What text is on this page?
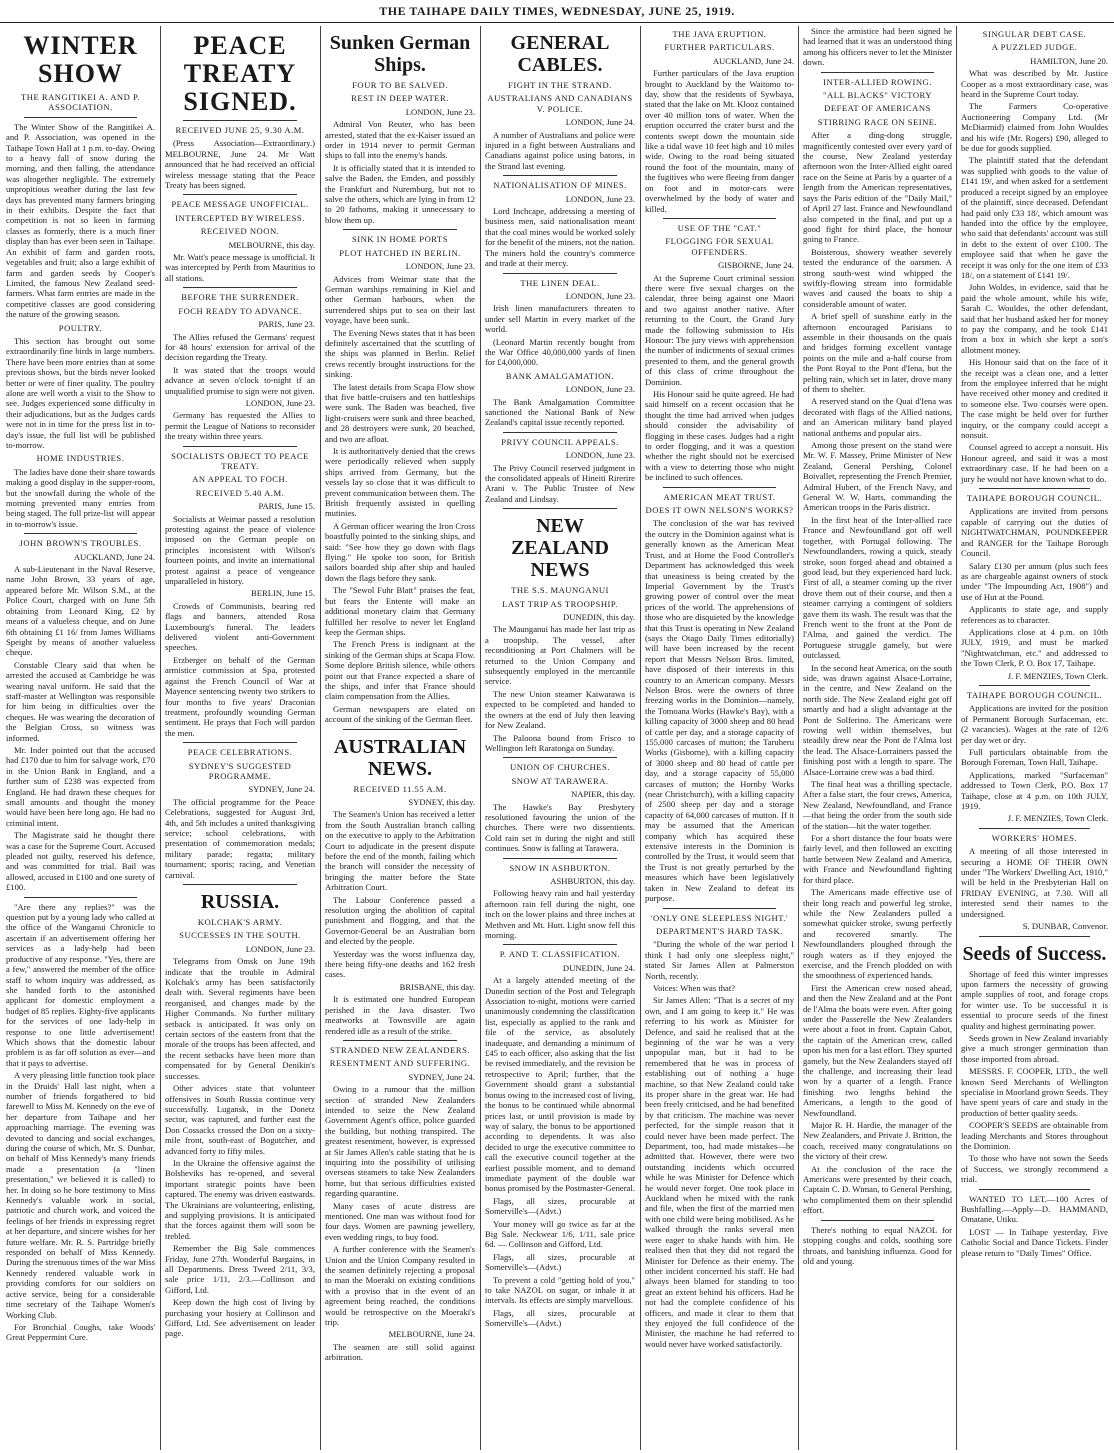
THE TAIHAPE DAILY TIMES, WEDNESDAY, JUNE 25, 1919.
WINTER SHOW
THE RANGITIKEI A. AND P. ASSOCIATION.
The Winter Show of the Rangitikei A. and P. Association, was opened in the Taihape Town Hall at 1 p.m. to-day. Owing to a heavy fall of snow during the morning, and then falling, the attendance was altogether negligible. The extremely unpropitious weather during the last few days has prevented many farmers bringing in their exhibits. Despite the fact that competition is not so keen in farming classes as formerly, there is a much finer display than has ever been seen in Taihape. An exhibit of farm and garden roots, vegetables and fruit; also a large exhibit of farm and garden seeds by Cooper's Limited, the famous New Zealand seed-farmers. What farm entries are made in the competitive classes are good considering the nature of the growing season.
POULTRY.
This section has brought out some extraordinarily fine birds in large numbers. There have been more entries than at some previous shows, but the birds never looked better or were of finer quality. The poultry alone are well worth a visit to the Show to see. Judges experienced some difficulty in their adjudications, but as the Judges cards were not in in time for the press list in to-day's issue, the full list will be published to-morrow.
HOME INDUSTRIES.
The ladies have done their share towards making a good display in the supper-room, but the snowfall during the whole of the morning prevented many entries from being staged. The full prize-list will appear in to-morrow's issue.
JOHN BROWN'S TROUBLES.
AUCKLAND, June 24.
A sub-Lieutenant in the Naval Reserve, name John Brown, 33 years of age, appeared before Mr. Wilson S.M., at the Police Court, charged with on June 5th obtaining from Leonard King, £2 by means of a valueless cheque, and on June 6th obtaining £1 16/ from James Williams Speight by means of another valueless cheque.
Constable Cleary said that when he arrested the accused at Cambridge he was wearing naval uniform. He said that the staff-master at Wellington was responsible for him being in difficulties over the cheques. He was wearing the decoration of the Belgian Cross, so witness was informed.
Mr. Inder pointed out that the accused had £170 due to him for salvage work, £70 in the Union Bank in England, and a further sum of £238 was expected from England. He had drawn these cheques for small amounts and thought the money would have been here long ago. He had no criminal intent.
The Magistrate said he thought there was a case for the Supreme Court. Accused pleaded not guilty, reserved his defence, and was committed for trial. Bail was allowed, accused in £100 and one surety of £100.
"Are there any replies?" was the question put by a young lady who called at the office of the Wanganui Chronicle to ascertain if an advertisement offering her services as a lady-help had been productive of any response. "Yes, there are a few," answered the member of the office staff to whom inquiry was addressed, as she handed forth to the astonished applicant for domestic employment a budget of 85 replies. Eighty-five applicants for the services of one lady-help in response to one little advertisement! Which shows that the domestic labour problem is as far off solution as ever—and that it pays to advertise.
A very pleasing little function took place in the Druids' Hall last night, when a number of friends forgathered to bid farewell to Miss M. Kennedy on the eve of her departure from Taihape and her approaching marriage. The evening was devoted to dancing and social exchanges, during the course of which, Mr. S. Dunbar, on behalf of Miss Kennedy's many friends made a presentation (a "linen presentation," we believed it is called) to her. In doing so he bore testimony to Miss Kennedy's valuable work in social, patriotic and church work, and voiced the feelings of her friends in expressing regret at her departure, and sincere wishes for her future welfare. Mr. R. S. Partridge briefly responded on behalf of Miss Kennedy. During the strenuous times of the war Miss Kennedy rendered valuable work in providing comforts for our soldiers on active service, being for a considerable time secretary of the Taihape Women's Working Club.
For Bronchial Coughs, take Woods' Great Peppermint Cure.
PEACE TREATY SIGNED.
RECEIVED JUNE 25, 9.30 A.M.
(Press Association—Extraordinary.) MELBOURNE, June 24. Mr Watt announced that he had received an official wireless message stating that the Peace Treaty has been signed.
PEACE MESSAGE UNOFFICIAL.
INTERCEPTED BY WIRELESS.
RECEIVED NOON.
MELBOURNE, this day.
Mr. Watt's peace message is unofficial. It was intercepted by Perth from Mauritius to all stations.
BEFORE THE SURRENDER.
FOCH READY TO ADVANCE.
PARIS, June 23.
The Allies refused the Germans' request for 48 hours' extension for arrival of the decision regarding the Treaty.
It was stated that the troops would advance at seven o'clock to-night if an unqualified promise to sign were not given.
LONDON, June 23.
Germany has requested the Allies to permit the League of Nations to reconsider the treaty within three years.
SOCIALISTS OBJECT TO PEACE TREATY.
AN APPEAL TO FOCH.
RECEIVED 5.40 A.M.
PARIS, June 15.
Socialists at Weimar passed a resolution protesting against the peace of violence imposed on the German people on principles inconsistent with Wilson's fourteen points, and invite an international protest against a peace of vengeance unparalleled in history.
BERLIN, June 15.
Crowds of Communists, bearing red flags and banners, attended Rosa Luxembourg's funeral. The leaders delivered violent anti-Government speeches.
Erzberger on behalf of the German armistice commission at Spa, protested against the French Council of War at Mayence sentencing twenty two strikers to four months to five years' Draconian treatment, profoundly wounding German sentiment. He prays that Foch will pardon the men.
PEACE CELEBRATIONS.
SYDNEY'S SUGGESTED PROGRAMME.
SYDNEY, June 24.
The official programme for the Peace Celebrations, suggested for August 3rd, 4th, and 5th includes a united thanksgiving service; school celebrations, with presentation of commemoration medals; military parade; regatta; military tournament; sports; racing, and Venetian carnival.
RUSSIA.
KOLCHAK'S ARMY.
SUCCESSES IN THE SOUTH.
LONDON, June 23.
Telegrams from Omsk on June 19th indicate that the trouble in Admiral Kolchak's army has been satisfactorily dealt with. Several regiments have been reorganised, and changes made by the Higher Commands. No further military setback is anticipated. It was only on certain sectors of the eastern front that the morale of the troops has been affected, and the recent setbacks have been more than compensated for by General Denikin's successes.
Other advices state that volunteer offensives in South Russia continue very successfully. Lugansk, in the Donetz sector, was captured, and further east the Don Cossacks crossed the Don on a sixty-mile front, south-east of Bogutcher, and advanced forty to fifty miles.
In the Ukraine the offensive against the Bolsheviks has re-opened, and several important strategic points have been captured. The enemy was driven eastwards. The Ukrainians are volunteering, enlisting, and supplying provisions. It is anticipated that the forces against them will soon be trebled.
Remember the Big Sale commences Friday, June 27th. Wonderful Bargains, in all Departments. Dress Tweed 2/11, 3/3, sale price 1/11, 2/3.—Collinson and Gifford, Ltd.
Keep down the high cost of living by purchasing your hosiery at Collinson and Gifford, Ltd. See advertisement on leader page.
Sunken German Ships.
FOUR TO BE SALVED.
REST IN DEEP WATER.
LONDON, June 23.
Admiral Von Reuter, who has been arrested, stated that the ex-Kaiser issued an order in 1914 never to permit German ships to fall into the enemy's hands.
It is officially stated that it is intended to salve the Baden, the Emden, and possibly the Frankfurt and Nuremburg, but not to salve the others, which are lying in from 12 to 20 fathoms, making it unnecessary to blow them up.
SINK IN HOME PORTS
PLOT HATCHED IN BERLIN.
LONDON, June 23.
Advices from Weimar state that the German warships remaining in Kiel and other German harbours, when the surrendered ships put to sea on their last voyage, have been sunk.
The Evening News states that it has been definitely ascertained that the scuttling of the ships was planned in Berlin. Relief crews recently brought instructions for the sinking.
The latest details from Scapa Flow show that five battle-cruisers and ten battleships were sunk. The Baden was beached, five light-cruisers were sunk and three beached, and 28 destroyers were sunk, 20 beached, and two are afloat.
It is authoritatively denied that the crews were periodically relieved when supply ships arrived from Germany, but the vessels lay so close that it was difficult to prevent communication between them. The British frequently assisted in quelling mutinies.
A German officer wearing the Iron Cross boastfully pointed to the sinking ships, and said: "See how they go down with flags flying." He spoke too soon, for British sailors boarded ship after ship and hauled down the flags before they sank.
The "Sewol Fuhr Blatt" praises the feat, but fears the Entente will make an additional monetary claim that Germany fulfilled her resolve to never let England keep the German ships.
The French Press is indignant at the sinking of the German ships at Scapa Flow. Some deplore British silence, while others point out that France expected a share of the ships, and infer that France should claim compensation from the Allies.
German newspapers are elated on account of the sinking of the German fleet.
AUSTRALIAN NEWS.
RECEIVED 11.55 A.M.
SYDNEY, this day.
The Seamen's Union has received a letter from the South Australian branch calling on the executive to apply to the Arbitration Court to adjudicate in the present dispute before the end of the month, failing which the branch will consider the necessity of bringing the matter before the State Arbitration Court.
The Labour Conference passed a resolution urging the abolition of capital punishment and flogging, and that the Governor-General be an Australian born and elected by the people.
Yesterday was the worst influenza day, there being fifty-one deaths and 162 fresh cases.
BRISBANE, this day.
It is estimated one hundred European perished in the Java disaster. Two meatworks at Townsville are again rendered idle as a result of the strike.
STRANDED NEW ZEALANDERS.
RESENTMENT AND SUFFERING.
SYDNEY, June 24.
Owing to a rumour that the million section of stranded New Zealanders intended to seize the New Zealand Government Agent's office, police guarded the building, but nothing transpired. The greatest resentment, however, is expressed at Sir James Allen's cable stating that he is inquiring into the possibility of utilising overseas steamers to take New Zealanders home, but that serious difficulties existed regarding quarantine.
Many cases of acute distress are mentioned. One man was without food for four days. Women are pawning jewellery, even wedding rings, to buy food.
A further conference with the Seamen's Union and the Union Company resulted in the seamen definitely rejecting a proposal to man the Moeraki on existing conditions with a proviso that in the event of an agreement being reached, the conditions would be retrospective on the Moeraki's trip.
MELBOURNE, June 24.
The seamen are still solid against arbitration.
GENERAL CABLES.
FIGHT IN THE STRAND.
AUSTRALIANS AND CANADIANS V. POLICE.
LONDON, June 24.
A number of Australians and police were injured in a fight between Australians and Canadians against police using batons, in the Strand last evening.
NATIONALISATION OF MINES.
LONDON, June 23.
Lord Inchcape, addressing a meeting of business men, said nationalisation meant that the coal mines would be worked solely for the benefit of the miners, not the nation. The miners hold the country's commerce and trade at their mercy.
THE LINEN DEAL.
LONDON, June 23.
Irish linen manufacturers threaten to under sell Martin in every market of the world.
(Leonard Martin recently bought from the War Office 40,000,000 yards of linen for £4,000,000.
BANK AMALGAMATION.
LONDON, June 23.
The Bank Amalgamation Committee sanctioned the National Bank of New Zealand's capital issue recently reported.
PRIVY COUNCIL APPEALS.
LONDON, June 23.
The Privy Council reserved judgment in the consolidated appeals of Hineiti Rirerire Arani v. The Public Trustee of New Zealand and Lindsay.
NEW ZEALAND NEWS
THE S.S. MAUNGANUI
LAST TRIP AS TROOPSHIP.
DUNEDIN, this day.
The Maunganui has made her last trip as a troopship. The vessel, after reconditioning at Port Chalmers will be returned to the Union Company and subsequently employed in the mercantile service.
The new Union steamer Kaiwarawa is expected to be completed and handed to the owners at the end of July then leaving for New Zealand.
The Paloona bound from Frisco to Wellington left Raratonga on Sunday.
UNION OF CHURCHES.
SNOW AT TARAWERA.
NAPIER, this day.
The Hawke's Bay Presbytery resolutioned favouring the union of the churches. There were two dissentients. Cold rain set in during the night and still continues. Snow is falling at Tarawera.
SNOW IN ASHBURTON.
ASHBURTON, this day.
Following heavy rain and hail yesterday afternoon rain fell during the night, one inch on the lower plains and three inches at Methven and Mt. Hutt. Light snow fell this morning.
P. AND T. CLASSIFICATION.
DUNEDIN, June 24.
At a largely attended meeting of the Dunedin section of the Post and Telegraph Association to-night, motions were carried unanimously condemning the classification list, especially as applied to the rank and file of the service, as absolutely inadequate, and demanding a minimum of £45 to each officer, also asking that the list be revised immediately, and the revision be retrospective to April; further, that the Government should grant a substantial bonus owing to the increased cost of living, the bonus to be continued while abnormal prices last, or until provision is made by way of salary, the bonus to be apportioned according to dependents. It was also decided to urge the executive committee to call the executive council together at the earliest possible moment, and to demand immediate payment of the double war bonus promised by the Postmaster-General.
Flags, all sizes, procurable at Somerville's—(Advt.)
Your money will go twice as far at the Big Sale. Neckwear 1/6, 1/11, sale price 6d. — Collinson and Gifford, Ltd.
Flags, all sizes, procurable at Somerville's—(Advt.)
To prevent a cold "getting hold of you," to take NAZOL on sugar, or inhale it at intervals. Its effects are simply marvellous.
Flags, all sizes, procurable at Somerville's—(Advt.)
THE JAVA ERUPTION.
FURTHER PARTICULARS.
AUCKLAND, June 24.
Further particulars of the Java eruption brought to Auckland by the Waitomo to-day, show that the residents of Sywbaya, stated that the lake on Mt. Klooz contained over 40 million tons of water. When the eruption occurred the crater burst and the contents swept down the mountain side like a tidal wave 10 feet high and 10 miles wide. Owing to the road being situated round the foot of the mountain, many of the fugitives who were fleeing from danger on foot and in motor-cars were overwhelmed by the body of water and killed.
USE OF THE "CAT."
FLOGGING FOR SEXUAL OFFENDERS.
GISBORNE, June 24.
At the Supreme Court criminal session there were five sexual charges on the calendar, three being against one Maori and two against another native. After returning to the Court, the Grand Jury made the following submission to His Honour: The jury views with apprehension the number of indictments of sexual crimes presented to them, and the general growth of this class of crime throughout the Dominion.
His Honour said he quite agreed. He had said himself on a recent occasion that he thought the time had arrived when judges should consider the advisability of flogging in these cases. Judges had a right to order flogging, and it was a question whether the right should not be exercised with a view to deterring those who might be inclined to such offences.
AMERICAN MEAT TRUST.
DOES IT OWN NELSON'S WORKS?
The conclusion of the war has revived the outcry in the Dominion against what is generally known as the American Meat Trust, and at Home the Food Controller's Department has acknowledged this week that uneasiness is being created by the Imperial Government by the Trust's growing power of control over the meat prices of the world. The apprehensions of those who are disquieted by the knowledge that this Trust is operating in New Zealand (says the Otago Daily Times editorially) will have been increased by the recent report that Messrs Nelson Bros. limited, have disposed of their interests in this country to an American company. Messrs Nelson Bros. were the owners of three freezing works in the Dominion—namely, the Tomoana Works (Hawke's Bay), with a killing capacity of 3000 sheep and 80 head of cattle per day, and a storage capacity of 155,000 carcases of mutton; the Taruheru Works (Gisborne), with a killing capacity of 3000 sheep and 80 head of cattle per day, and a storage capacity of 55,000 carcases of mutton; the Hornby Works (near Christchurch), with a killing capacity of 2500 sheep per day and a storage capacity of 64,000 carcases of mutton. If it may be assumed that the American company which has acquired these extensive interests in the Dominion is controlled by the Trust, it would seem that the Trust is not greatly perturbed by the measures which have been legislatively taken in New Zealand to defeat its purpose.
'ONLY ONE SLEEPLESS NIGHT.'
DEPARTMENT'S HARD TASK.
"During the whole of the war period I think I had only one sleepless night," stated Sir James Allen at Palmerston North, recently.
Voices: When was that?
Sir James Allen: "That is a secret of my own, and I am going to keep it." He was referring to his work as Minister for Defence, and said he realised that at the beginning of the war he was a very unpopular man, but it had to be remembered that he was in process of establishing out of nothing a huge machine, so that New Zealand could take its proper share in the great war. He had been freely criticised, and he had benefited by that criticism. The machine was never perfected, for the simple reason that it could never have been made perfect. The Department, too, had made mistakes—he admitted that. However, there were two outstanding incidents which occurred while he was Minister for Defence which he would never forget. One took place in Auckland when he mixed with the rank and file, when the first of the married men with one child were being mobilised. As he walked through the ranks several men were eager to shake hands with him. He realised then that they did not regard the Minister for Defence as their enemy. The other incident concerned his staff. He had always been blamed for standing to too great an extent behind his officers. Had he not had the complete confidence of his officers, and made it clear to them that they enjoyed the full confidence of the Minister, the machine he had referred to would never have worked satisfactorily.
Since the armistice had been signed he had learned that it was an understood thing among his officers never to let the Minister down.
INTER-ALLIED ROWING.
"ALL BLACKS" VICTORY
DEFEAT OF AMERICANS
STIRRING RACE ON SEINE.
After a ding-dong struggle, magnificently contested over every yard of the course, New Zealand yesterday afternoon won the Inter-Allied eight oared race on the Seine at Paris by a quarter of a length from the American representatives, says the Paris edition of the "Daily Mail," of April 27 last. France and Newfoundland also competed in the final, and put up a good fight for third place, the honour going to France.
Boisterous, showery weather severely tested the endurance of the oarsmen. A strong south-west wind whipped the swiftly-flowing stream into formidable waves and caused the boats to ship a considerable amount of water.
A brief spell of sunshine early in the afternoon encouraged Parisians to assemble in their thousands on the quais and bridges forming excellent vantage points on the mile and a-half course from the Pont Royal to the Pont d'Iena, but the pelting rain, which set in later, drove many of them to shelter.
A reserved stand on the Quai d'Iena was decorated with flags of the Allied nations, and an American military band played national anthems and popular airs.
Among those present on the stand were Mr. W. F. Massey, Prime Minister of New Zealand, General Pershing, Colonel Boivallet, representing the French Premier, Admiral Hubert, of the French Navy, and General W. W. Harts, commanding the American troops in the Paris district.
In the first heat of the Inter-allied race France and Newfoundland got off well together, with Portugal following. The Newfoundlanders, rowing a quick, steady stroke, soon forged ahead and obtained a good lead, but they experienced hard luck. First of all, a steamer coming up the river drove them out of their course, and then a steamer carrying a contingent of soldiers gave them its wash. The result was that the French went to the front at the Pont de l'Alma, and gained the verdict. The Portuguese struggle gamely, but were outclassed.
In the second heat America, on the south side, was drawn against Alsace-Lorraine, in the centre, and New Zealand on the north side. The New Zealand eight got off smartly and had a slight advantage at the Pont de Solferino. The Americans were rowing well within themselves, but steadily drew near the Pont de l'Alma lost the lead. The Alsace-Lorrainers passed the finishing post with a length to spare. The Alsace-Lorraine crew was a bad third.
The final heat was a thrilling spectacle. After a false start, the four crews, America, New Zealand, Newfoundland, and France—that being the order from the south side of the station—hit the water together.
For a short distance the four boats were fairly level, and then followed an exciting battle between New Zealand and America, with France and Newfoundland fighting for third place.
The Americans made effective use of their long reach and powerful leg stroke, while the New Zealanders pulled a somewhat quicker stroke, swung perfectly and recovered smartly. The Newfoundlanders ploughed through the rough waters as if they enjoyed the exercise, and the French plodded on with the smoothness of experienced hands.
First the American crew nosed ahead, and then the New Zealand and at the Pont de l'Alma the boats were even. After going under the Passerelle the New Zealanders were about a foot in front. Captain Cabot, the captain of the American crew, called upon his men for a last effort. They spurted gamely, but the New Zealanders stayed off the challenge, and increasing their lead won by a quarter of a length. France finishing two lengths behind the Americans, a length to the good of Newfoundland.
Major R. H. Hardie, the manager of the New Zealanders, and Private J. Britton, the coach, received many congratulations on the victory of their crew.
At the conclusion of the race the Americans were presented by their coach, Captain C. D. Wiman, to General Pershing, who complimented them on their splendid effort.
There's nothing to equal NAZOL for stopping coughs and colds, soothing sore throats, and banishing influenza. Good for old and young.
SINGULAR DEBT CASE.
A PUZZLED JUDGE.
HAMILTON, June 20.
What was described by Mr. Justice Cooper as a most extraordinary case, was heard in the Supreme Court today.
The Farmers Co-operative Auctioneering Company Ltd. (Mr McDiarmid) claimed from John Wouldes and his wife (Mr. Rogers) £90, alleged to be due for goods supplied.
The plaintiff stated that the defendant was supplied with goods to the value of £141 19/, and when asked for a settlement produced a receipt signed by an employee of the plaintiff, since deceased. Defendant had paid only £33 18/, which amount was handed into the office by the employee, who said that defendants' account was still in debt to the extent of over £100. The employee said that when he gave the receipt it was only for the one item of £33 18/, on a statement of £141 19/.
John Woldes, in evidence, said that he paid the whole amount, while his wife, Sarah C. Wouldes, the other defendant, said that her husband asked her for money to pay the company, and he took £141 from a box in which she kept a son's allotment money.
His Honour said that on the face of it the receipt was a clean one, and a letter from the employee inferred that he might have received other money and credited it to someone else. Two courses were open. The case might be held over for further inquiry, or the company could accept a nonsuit.
Counsel agreed to accept a nonsuit. His Honour agreed, and said it was a most extraordinary case. If he had been on a jury he would not have known what to do.
TAIHAPE BOROUGH COUNCIL.
Applications are invited from persons capable of carrying out the duties of NIGHTWATCHMAN, POUNDKEEPER and RANGER for the Taihape Borough Council.
Salary £130 per annum (plus such fees as are chargeable against owners of stock under "The Impounding Act, 1908") and use of Hut at the Pound.
Applicants to state age, and supply references as to character.
Applications close at 4 p.m. on 10th JULY, 1919, and must be marked "Nightwatchman, etc." and addressed to the Town Clerk, P. O. Box 17, Taihape.
J. F. MENZIES, Town Clerk.
TAIHAPE BOROUGH COUNCIL.
Applications are invited for the position of Permanent Borough Surfaceman, etc. (2 vacancies). Wages at the rate of 12/6 per day wet or dry.
Full particulars obtainable from the Borough Foreman, Town Hall, Taihape.
Applications, marked "Surfaceman" addressed to Town Clerk, P.O. Box 17 Taihape, close at 4 p.m. on 10th JULY, 1919.
J. F. MENZIES, Town Clerk.
WORKERS' HOMES.
A meeting of all those interested in securing a HOME OF THEIR OWN under "The Workers' Dwelling Act, 1910," will be held in the Presbyterian Hall on FRIDAY EVENING, at 7.30. Will all interested send their names to the undersigned.
S. DUNBAR, Convenor.
Seeds of Success.
Shortage of feed this winter impresses upon farmers the necessity of growing ample supplies of root, and forage crops for winter use. To be successful it is essential to procure seeds of the finest quality and highest germinating power.
Seeds grown in New Zealand invariably give a much stronger germination than those imported from abroad.
MESSRS. F. COOPER, LTD., the well known Seed Merchants of Wellington specialise in Moorland grown Seeds. They have spent years of care and study in the production of better quality seeds.
COOPER'S SEEDS are obtainable from leading Merchants and Stores throughout the Dominion.
To those who have not sown the Seeds of Success, we strongly recommend a trial.
WANTED TO LET.—100 Acres of Bushfalling.—Apply—D. HAMMAND, Omatane, Utiku.
LOST — In Taihape yesterday, Five Catholic Social and Dance Tickets. Finder please return to "Daily Times" Office.
